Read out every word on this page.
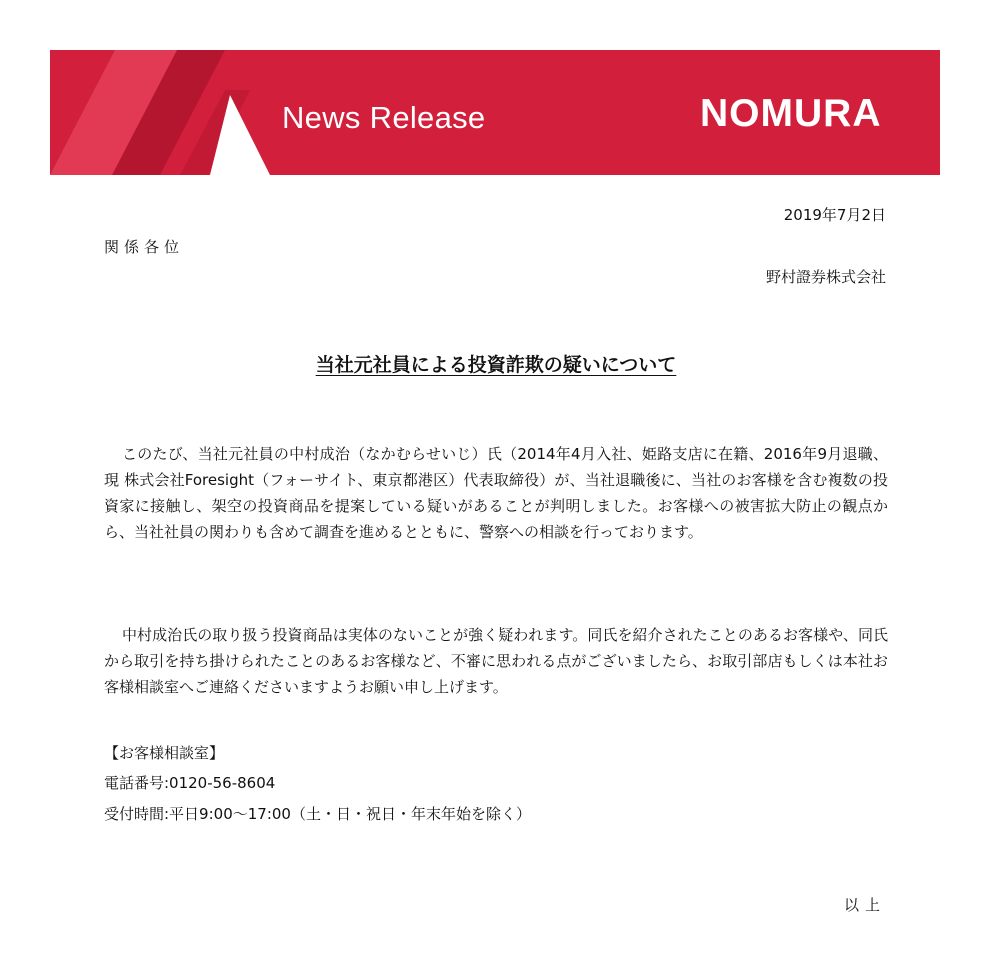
News Release	NOMURA
2019年7月2日
関係各位
野村證券株式会社
当社元社員による投資詐欺の疑いについて

このたび、当社元社員の中村成治（なかむらせいじ）氏（2014年4月入社、姫路支店に在籍、2016年9月退職、現 株式会社Foresight（フォーサイト、東京都港区）代表取締役）が、当社退職後に、当社のお客様を含む複数の投資家に接触し、架空の投資商品を提案している疑いがあることが判明しました。お客様への被害拡大防止の観点から、当社社員の関わりも含めて調査を進めるとともに、警察への相談を行っております。

中村成治氏の取り扱う投資商品は実体のないことが強く疑われます。同氏を紹介されたことのあるお客様や、同氏から取引を持ち掛けられたことのあるお客様など、不審に思われる点がございましたら、お取引部店もしくは本社お客様相談室へご連絡くださいますようお願い申し上げます。

【お客様相談室】
電話番号:0120-56-8604
受付時間:平日9:00～17:00（土・日・祝日・年末年始を除く）
以上
